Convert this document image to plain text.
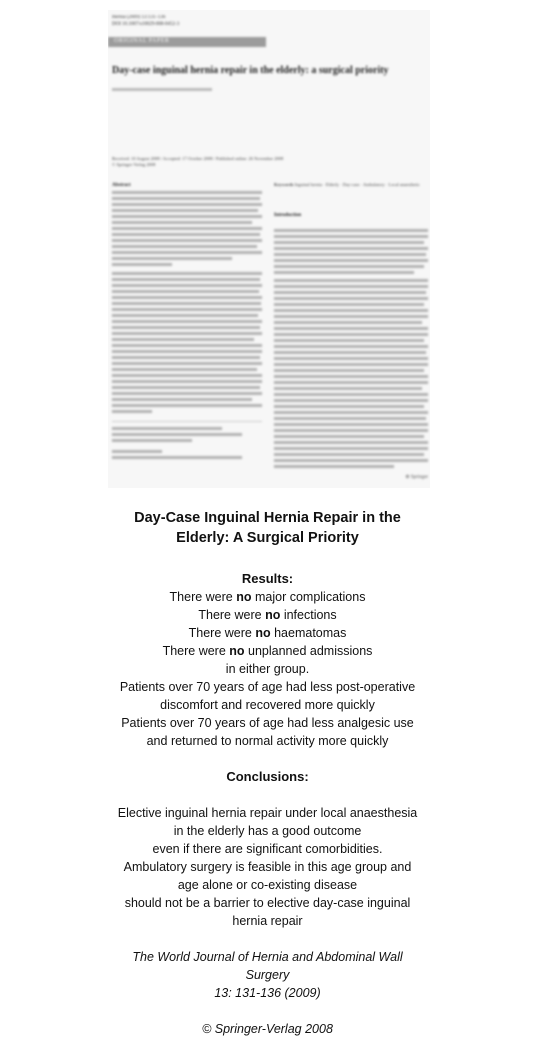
Hernia (2009) 13:131–136
DOI 10.1007/s10029-008-0452-3
ORIGINAL PAPER
Day-case inguinal hernia repair in the elderly: a surgical priority
Received: 10 August 2008 / Accepted: 17 October 2008 / Published online: 26 November 2008
© Springer-Verlag 2008
Abstract	Keywords Inguinal hernia · Elderly · Day-case · Ambulatory · Local anaesthetic
Introduction
⊕ Springer

Day-Case Inguinal Hernia Repair in the

Elderly: A Surgical Priority

Results:

There were no major complications

There were no infections

There were no haematomas

There were no unplanned admissions

in either group.

Patients over 70 years of age had less post-operative

discomfort and recovered more quickly

Patients over 70 years of age had less analgesic use

and returned to normal activity more quickly

Conclusions:

Elective inguinal hernia repair under local anaesthesia

in the elderly has a good outcome

even if there are significant comorbidities.

Ambulatory surgery is feasible in this age group and

age alone or co-existing disease

should not be a barrier to elective day-case inguinal

hernia repair

The World Journal of Hernia and Abdominal Wall

Surgery

13: 131-136 (2009)

© Springer-Verlag 2008
